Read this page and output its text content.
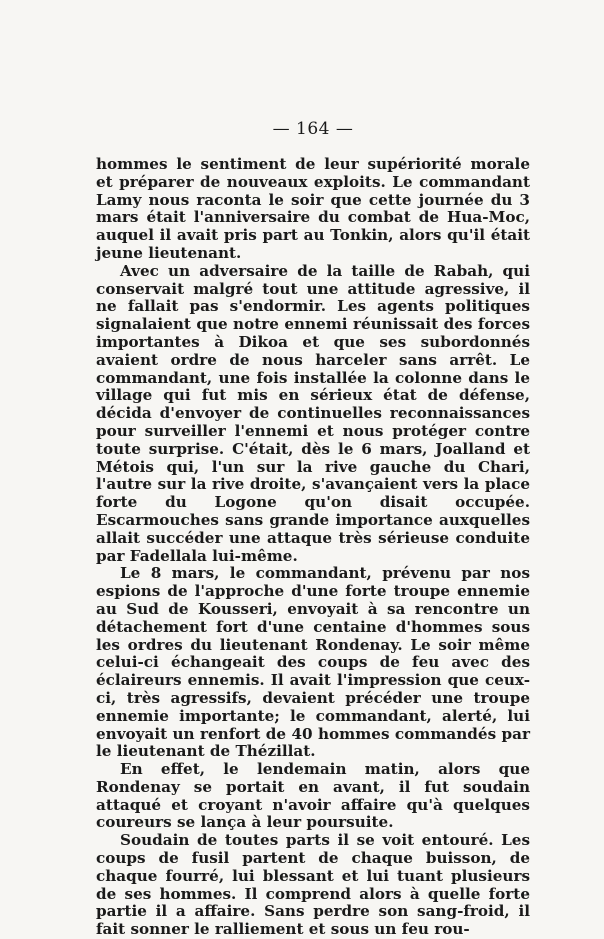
— 164 —

hommes le sentiment de leur supériorité morale et préparer de nouveaux exploits. Le commandant Lamy nous raconta le soir que cette journée du 3 mars était l'anniversaire du combat de Hua-Moc, auquel il avait pris part au Tonkin, alors qu'il était jeune lieutenant.

Avec un adversaire de la taille de Rabah, qui conservait malgré tout une attitude agressive, il ne fallait pas s'endormir. Les agents politiques signalaient que notre ennemi réunissait des forces importantes à Dikoa et que ses subordonnés avaient ordre de nous harceler sans arrêt. Le commandant, une fois installée la colonne dans le village qui fut mis en sérieux état de défense, décida d'envoyer de continuelles reconnaissances pour surveiller l'ennemi et nous protéger contre toute surprise. C'était, dès le 6 mars, Joalland et Métois qui, l'un sur la rive gauche du Chari, l'autre sur la rive droite, s'avançaient vers la place forte du Logone qu'on disait occupée. Escarmouches sans grande importance auxquelles allait succéder une attaque très sérieuse conduite par Fadellala lui-même.

Le 8 mars, le commandant, prévenu par nos espions de l'approche d'une forte troupe ennemie au Sud de Kousseri, envoyait à sa rencontre un détachement fort d'une centaine d'hommes sous les ordres du lieutenant Rondenay. Le soir même celui-ci échangeait des coups de feu avec des éclaireurs ennemis. Il avait l'impression que ceux-ci, très agressifs, devaient précéder une troupe ennemie importante; le commandant, alerté, lui envoyait un renfort de 40 hommes commandés par le lieutenant de Thézillat.

En effet, le lendemain matin, alors que Rondenay se portait en avant, il fut soudain attaqué et croyant n'avoir affaire qu'à quelques coureurs se lança à leur poursuite.

Soudain de toutes parts il se voit entouré. Les coups de fusil partent de chaque buisson, de chaque fourré, lui blessant et lui tuant plusieurs de ses hommes. Il comprend alors à quelle forte partie il a affaire. Sans perdre son sang-froid, il fait sonner le ralliement et sous un feu rou-
